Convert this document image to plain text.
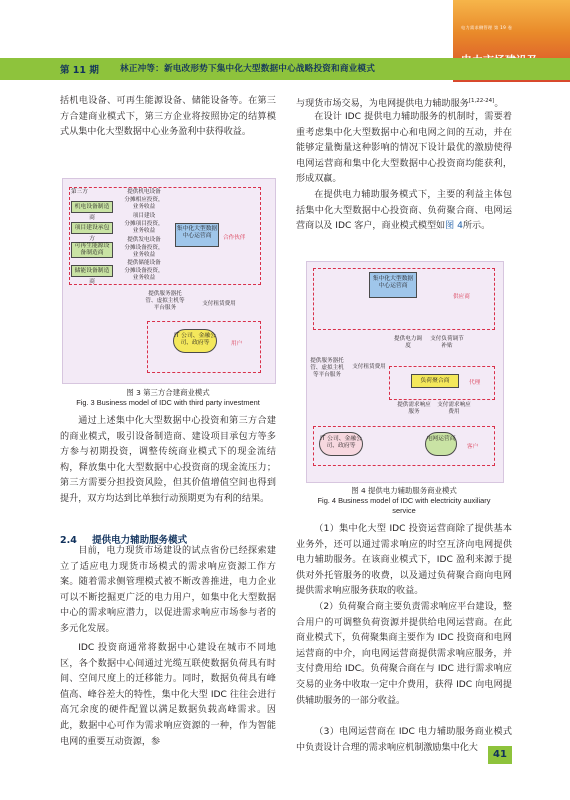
电力需求侧管理 第 19 卷
第 11 期 林正冲等：新电改形势下集中化大型数据中心战略投资和商业模式

括机电设备、可再生能源设备、储能设备等。在第三方合建商业模式下，第三方企业将按照协定的结算模式从集中化大型数据中心业务盈利中获得收益。

第三方
机电设备制造商
项目建设承包方
可再生能源设备制造商
储能设备制造商
提供机电设备
分摊相应投资，
业务收益
项目建设
分摊项目投资，
业务收益
提供发电设备
分摊设备投资，
业务收益
提供储能设备
分摊设备投资，
业务收益
集中化大型数据中心运营商	合作伙伴
提供服务器托管、虚拟主机等平台服务
支付租赁费用
IT 公司、金融公司、政府等	用户
图 3 第三方合建商业模式
Fig. 3 Business model of IDC with third party investment

通过上述集中化大型数据中心投资和第三方合建的商业模式，吸引设备制造商、建设项目承包方等多方参与初期投资，调整传统商业模式下的现金流结构，释放集中化大型数据中心投资商的现金流压力；第三方需要分担投资风险，但其价值增值空间也得到提升，双方均达到比单独行动预期更为有利的结果。

2.4 提供电力辅助服务模式

目前，电力现货市场建设的试点省份已经探索建立了适应电力现货市场模式的需求响应资源工作方案。随着需求侧管理模式被不断改善推进，电力企业可以不断挖掘更广泛的电力用户，如集中化大型数据中心的需求响应潜力，以促进需求响应市场参与者的多元化发展。

IDC 投资商通常将数据中心建设在城市不同地区，各个数据中心间通过光缆互联使数据负荷具有时间、空间尺度上的迁移能力。同时，数据负荷具有峰值高、峰谷差大的特性，集中化大型 IDC 往往会进行高冗余度的硬件配置以满足数据负载高峰需求。因此，数据中心可作为需求响应资源的一种，作为智能电网的重要互动资源，参

与现货市场交易，为电网提供电力辅助服务[1,22-24]。

在设计 IDC 提供电力辅助服务的机制时，需要着重考虑集中化大型数据中心和电网之间的互动，并在能够定量衡量这种影响的情况下设计最优的激励使得电网运营商和集中化大型数据中心投资商均能获利，形成双赢。

在提供电力辅助服务模式下，主要的利益主体包括集中化大型数据中心投资商、负荷聚合商、电网运营商以及 IDC 客户，商业模式模型如图 4所示。

集中化大型数据中心运营商
供应商
提供电力调度
支付负荷调节补贴
提供服务器托管、虚拟主机等平台服务
支付租赁费用
负荷聚合商	代理
提供需求响应服务
支付需求响应费用
IT 公司、金融公司、政府等
电网运营商
客户
图 4 提供电力辅助服务商业模式
Fig. 4 Business model of IDC with electricity auxiliary service

（1）集中化大型 IDC 投资运营商除了提供基本业务外，还可以通过需求响应的时空互济向电网提供电力辅助服务。在该商业模式下，IDC 盈利来源于提供对外托管服务的收费，以及通过负荷聚合商向电网提供需求响应服务获取的收益。

（2）负荷聚合商主要负责需求响应平台建设，整合用户的可调整负荷资源并提供给电网运营商。在此商业模式下，负荷聚集商主要作为 IDC 投资商和电网运营商的中介，向电网运营商提供需求响应服务，并支付费用给 IDC。负荷聚合商在与 IDC 进行需求响应交易的业务中收取一定中介费用，获得 IDC 向电网提供辅助服务的一部分收益。

（3）电网运营商在 IDC 电力辅助服务商业模式中负责设计合理的需求响应机制激励集中化大

41
